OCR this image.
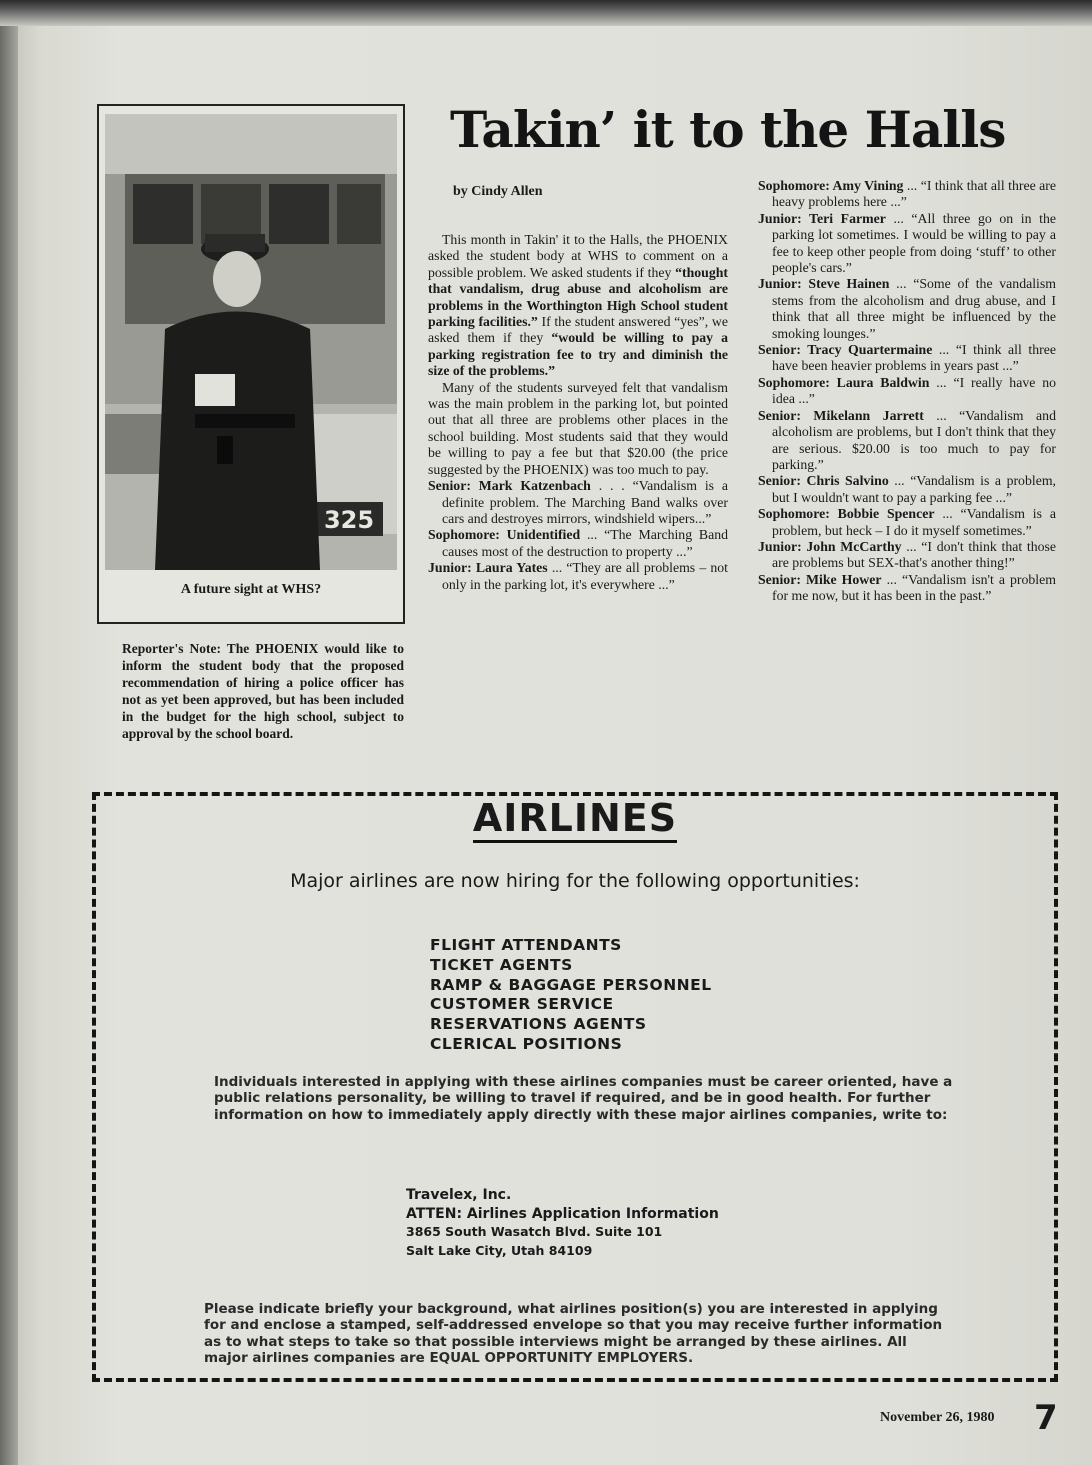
325
A future sight at WHS?
Reporter's Note: The PHOENIX would like to inform the student body that the proposed recommendation of hiring a police officer has not as yet been approved, but has been included in the budget for the high school, subject to approval by the school board.
Takin’ it to the Halls
by Cindy Allen

This month in Takin' it to the Halls, the PHOENIX asked the student body at WHS to comment on a possible problem. We asked students if they “thought that vandalism, drug abuse and alcoholism are problems in the Worthington High School student parking facilities.” If the student answered “yes”, we asked them if they “would be willing to pay a parking registration fee to try and diminish the size of the problems.”

Many of the students surveyed felt that vandalism was the main problem in the parking lot, but pointed out that all three are problems other places in the school building. Most students said that they would be willing to pay a fee but that $20.00 (the price suggested by the PHOENIX) was too much to pay.

Senior: Mark Katzenbach . . . “Vandalism is a definite problem. The Marching Band walks over cars and destroyes mirrors, windshield wipers...”
Sophomore: Unidentified ... “The Marching Band causes most of the destruction to property ...”
Junior: Laura Yates ... “They are all problems – not only in the parking lot, it's everywhere ...”
Sophomore: Amy Vining ... “I think that all three are heavy problems here ...”
Junior: Teri Farmer ... “All three go on in the parking lot sometimes. I would be willing to pay a fee to keep other people from doing ‘stuff’ to other people's cars.”
Junior: Steve Hainen ... “Some of the vandalism stems from the alcoholism and drug abuse, and I think that all three might be influenced by the smoking lounges.”
Senior: Tracy Quartermaine ... “I think all three have been heavier problems in years past ...”
Sophomore: Laura Baldwin ... “I really have no idea ...”
Senior: Mikelann Jarrett ... “Vandalism and alcoholism are problems, but I don't think that they are serious. $20.00 is too much to pay for parking.”
Senior: Chris Salvino ... “Vandalism is a problem, but I wouldn't want to pay a parking fee ...”
Sophomore: Bobbie Spencer ... “Vandalism is a problem, but heck – I do it myself sometimes.”
Junior: John McCarthy ... “I don't think that those are problems but SEX-that's another thing!”
Senior: Mike Hower ... “Vandalism isn't a problem for me now, but it has been in the past.”
AIRLINES
Major airlines are now hiring for the following opportunities:
FLIGHT ATTENDANTS
TICKET AGENTS
RAMP & BAGGAGE PERSONNEL
CUSTOMER SERVICE
RESERVATIONS AGENTS
CLERICAL POSITIONS
Individuals interested in applying with these airlines companies must be career oriented, have a public relations personality, be willing to travel if required, and be in good health. For further information on how to immediately apply directly with these major airlines companies, write to:
Travelex, Inc.
ATTEN: Airlines Application Information
3865 South Wasatch Blvd. Suite 101
Salt Lake City, Utah 84109
Please indicate briefly your background, what airlines position(s) you are interested in applying for and enclose a stamped, self-addressed envelope so that you may receive further information as to what steps to take so that possible interviews might be arranged by these airlines. All major airlines companies are EQUAL OPPORTUNITY EMPLOYERS.
November 26, 1980 7
